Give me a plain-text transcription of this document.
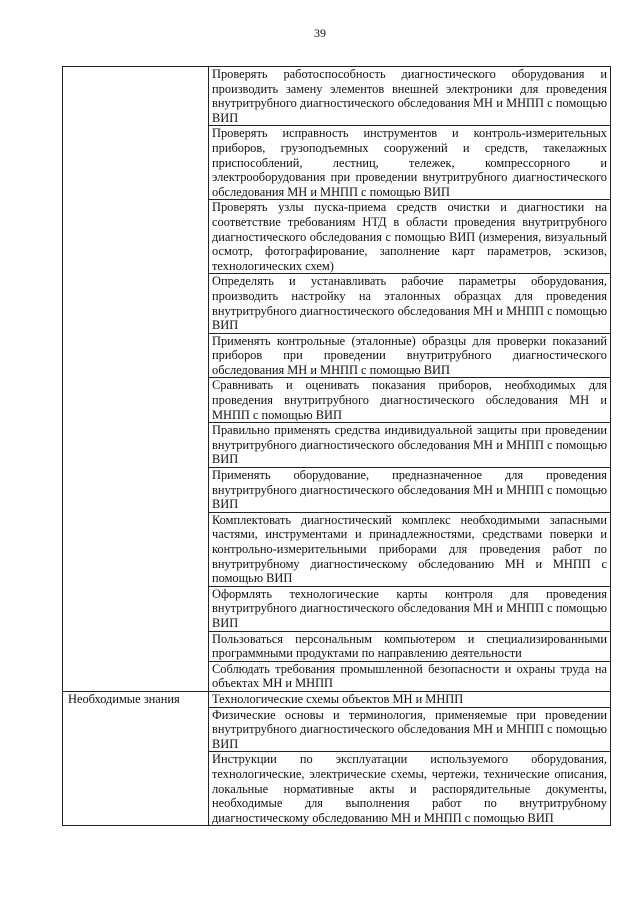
39
	Проверять работоспособность диагностического оборудования и производить замену элементов внешней электроники для проведения внутритрубного диагностического обследования МН и МНПП с помощью ВИП
	Проверять исправность инструментов и контроль-измерительных приборов, грузоподъемных сооружений и средств, такелажных приспособлений, лестниц, тележек, компрессорного и электрооборудования при проведении внутритрубного диагностического обследования МН и МНПП с помощью ВИП
	Проверять узлы пуска-приема средств очистки и диагностики на соответствие требованиям НТД в области проведения внутритрубного диагностического обследования с помощью ВИП (измерения, визуальный осмотр, фотографирование, заполнение карт параметров, эскизов, технологических схем)
	Определять и устанавливать рабочие параметры оборудования, производить настройку на эталонных образцах для проведения внутритрубного диагностического обследования МН и МНПП с помощью ВИП
	Применять контрольные (эталонные) образцы для проверки показаний приборов при проведении внутритрубного диагностического обследования МН и МНПП с помощью ВИП
	Сравнивать и оценивать показания приборов, необходимых для проведения внутритрубного диагностического обследования МН и МНПП с помощью ВИП
	Правильно применять средства индивидуальной защиты при проведении внутритрубного диагностического обследования МН и МНПП с помощью ВИП
	Применять оборудование, предназначенное для проведения внутритрубного диагностического обследования МН и МНПП с помощью ВИП
	Комплектовать диагностический комплекс необходимыми запасными частями, инструментами и принадлежностями, средствами поверки и контрольно-измерительными приборами для проведения работ по внутритрубному диагностическому обследованию МН и МНПП с помощью ВИП
	Оформлять технологические карты контроля для проведения внутритрубного диагностического обследования МН и МНПП с помощью ВИП
	Пользоваться персональным компьютером и специализированными программными продуктами по направлению деятельности
	Соблюдать требования промышленной безопасности и охраны труда на объектах МН и МНПП

Необходимые знания	Технологические схемы объектов МН и МНПП
	Физические основы и терминология, применяемые при проведении внутритрубного диагностического обследования МН и МНПП с помощью ВИП
	Инструкции по эксплуатации используемого оборудования, технологические, электрические схемы, чертежи, технические описания, локальные нормативные акты и распорядительные документы, необходимые для выполнения работ по внутритрубному диагностическому обследованию МН и МНПП с помощью ВИП
